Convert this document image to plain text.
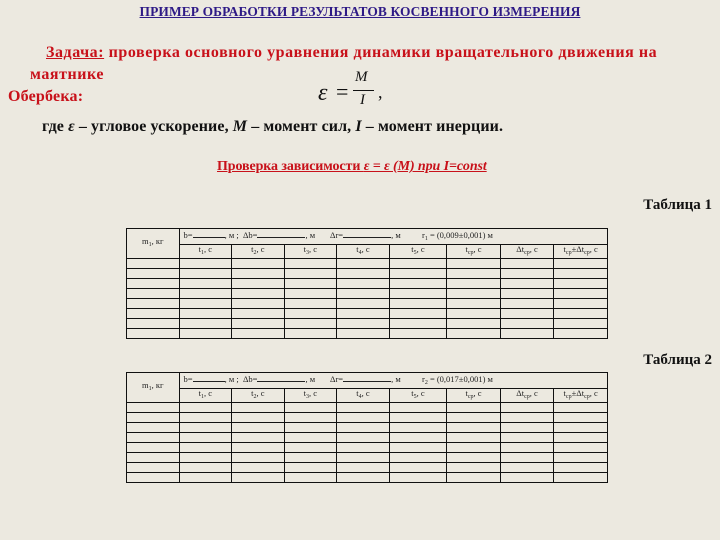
ПРИМЕР ОБРАБОТКИ РЕЗУЛЬТАТОВ КОСВЕННОГО ИЗМЕРЕНИЯ
Задача: проверка основного уравнения динамики вращательного движения на маятнике
Обербека:	ε =
M
I ,
где ε – угловое ускорение, M – момент сил, I – момент инерции.
Проверка зависимости ε = ε (M) при I=const
Таблица 1
$m_1$, кг	b= , м ; Δb= , м Δr= , м $r_1 = (0,009\pm 0,001)$ м							
	$t_1$, c	$t_2$, c	$t_3$, c	$t_4$, c	$t_5$, c	$t_{ср}$, c	$\Delta t_{ср}$, c	$t_{ср}\pm\Delta t_{ср}$, c

Таблица 2
$m_1$, кг	b= , м ; Δb= , м Δr= , м $r_2 = (0,017\pm 0,001)$ м							
	$t_1$, c	$t_2$, c	$t_3$, c	$t_4$, c	$t_5$, c	$t_{ср}$, c	$\Delta t_{ср}$, c	$t_{ср}\pm\Delta t_{ср}$, c
